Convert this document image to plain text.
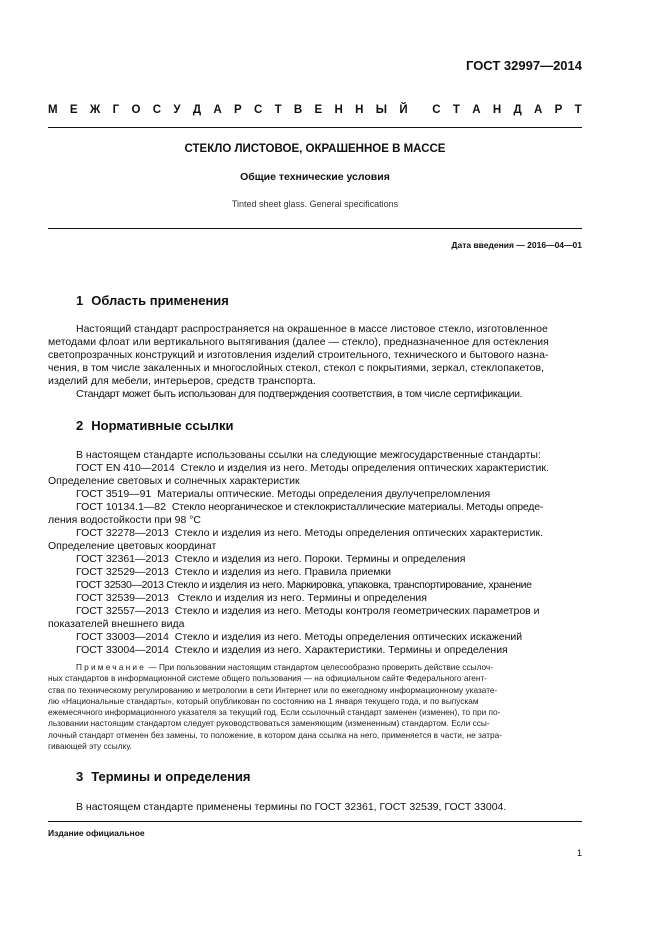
ГОСТ 32997—2014
М Е Ж Г О С У Д А Р С Т В Е Н Н Ы Й С Т А Н Д А Р Т
СТЕКЛО ЛИСТОВОЕ, ОКРАШЕННОЕ В МАССЕ
Общие технические условия
Tinted sheet glass. General specifications
Дата введения — 2016—04—01
1 Область применения
Настоящий стандарт распространяется на окрашенное в массе листовое стекло, изготовленное
методами флоат или вертикального вытягивания (далее — стекло), предназначенное для остекления
светопрозрачных конструкций и изготовления изделий строительного, технического и бытового назна-
чения, в том числе закаленных и многослойных стекол, стекол с покрытиями, зеркал, стеклопакетов,
изделий для мебели, интерьеров, средств транспорта.
Стандарт может быть использован для подтверждения соответствия, в том числе сертификации.
2 Нормативные ссылки
В настоящем стандарте использованы ссылки на следующие межгосударственные стандарты:
ГОСТ EN 410—2014 Стекло и изделия из него. Методы определения оптических характеристик.
Определение световых и солнечных характеристик
ГОСТ 3519—91 Материалы оптические. Методы определения двулучепреломления
ГОСТ 10134.1—82 Стекло неорганическое и стеклокристаллические материалы. Методы опреде-
ления водостойкости при 98 °С
ГОСТ 32278—2013 Стекло и изделия из него. Методы определения оптических характеристик.
Определение цветовых координат
ГОСТ 32361—2013 Стекло и изделия из него. Пороки. Термины и определения
ГОСТ 32529—2013 Стекло и изделия из него. Правила приемки
ГОСТ 32530—2013 Стекло и изделия из него. Маркировка, упаковка, транспортирование, хранение
ГОСТ 32539—2013 Стекло и изделия из него. Термины и определения
ГОСТ 32557—2013 Стекло и изделия из него. Методы контроля геометрических параметров и
показателей внешнего вида
ГОСТ 33003—2014 Стекло и изделия из него. Методы определения оптических искажений
ГОСТ 33004—2014 Стекло и изделия из него. Характеристики. Термины и определения
Примечание — При пользовании настоящим стандартом целесообразно проверить действие ссылоч-
ных стандартов в информационной системе общего пользования — на официальном сайте Федерального агент-
ства по техническому регулированию и метрологии в сети Интернет или по ежегодному информационному указате-
лю «Национальные стандарты», который опубликован по состоянию на 1 января текущего года, и по выпускам
ежемесячного информационного указателя за текущий год. Если ссылочный стандарт заменен (изменен), то при по-
льзовании настоящим стандартом следует руководствоваться заменяющим (измененным) стандартом. Если ссы-
лочный стандарт отменен без замены, то положение, в котором дана ссылка на него, применяется в части, не затра-
гивающей эту ссылку.
3 Термины и определения
В настоящем стандарте применены термины по ГОСТ 32361, ГОСТ 32539, ГОСТ 33004.
Издание официальное
1
